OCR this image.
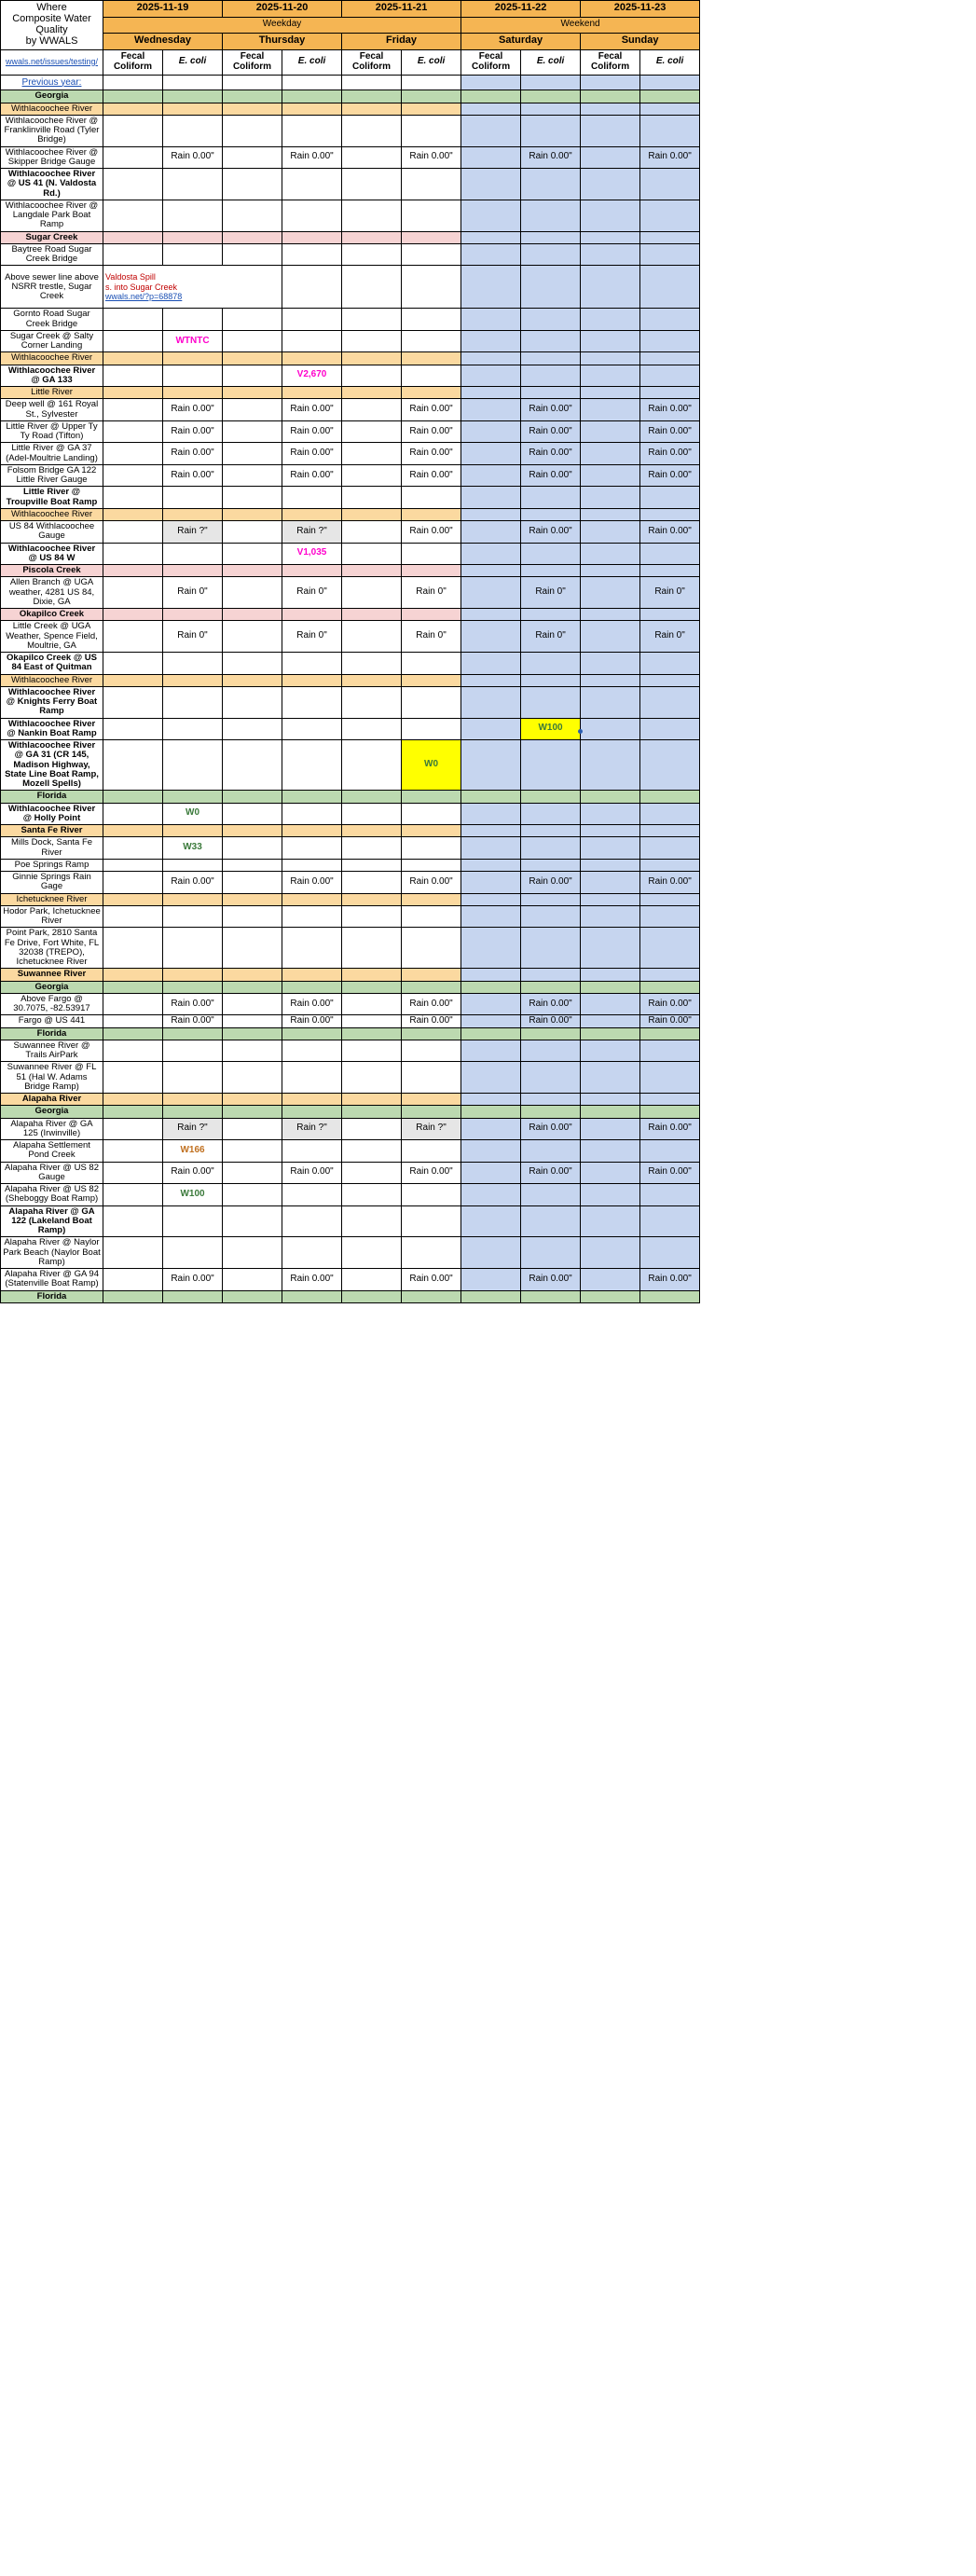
Where
Composite Water Quality
by WWALS	2025-11-19		2025-11-20		2025-11-21		2025-11-22		2025-11-23	
	Weekday						Weekend			
	Wednesday		Thursday		Friday		Saturday		Sunday	
wwals.net/issues/testing/	Fecal Coliform	E. coli	Fecal Coliform	E. coli	Fecal Coliform	E. coli	Fecal Coliform	E. coli	Fecal Coliform	E. coli
Previous year:										
Georgia										
Withlacoochee River										
Withlacoochee River @ Franklinville Road (Tyler Bridge)										
Withlacoochee River @ Skipper Bridge Gauge		Rain 0.00"		Rain 0.00"		Rain 0.00"		Rain 0.00"		Rain 0.00"
Withlacoochee River @ US 41 (N. Valdosta Rd.)										
Withlacoochee River @ Langdale Park Boat Ramp										
Sugar Creek										
Baytree Road Sugar Creek Bridge										
Above sewer line above NSRR trestle, Sugar Creek	Valdosta Spill
s. into Sugar Creek
wwals.net/?p=68878									

Gornto Road Sugar Creek Bridge										
Sugar Creek @ Salty Corner Landing		WTNTC								
Withlacoochee River										
Withlacoochee River @ GA 133				V2,670						
Little River										
Deep well @ 161 Royal St., Sylvester		Rain 0.00"		Rain 0.00"		Rain 0.00"		Rain 0.00"		Rain 0.00"
Little River @ Upper Ty Ty Road (Tifton)		Rain 0.00"		Rain 0.00"		Rain 0.00"		Rain 0.00"		Rain 0.00"
Little River @ GA 37 (Adel-Moultrie Landing)		Rain 0.00"		Rain 0.00"		Rain 0.00"		Rain 0.00"		Rain 0.00"
Folsom Bridge GA 122 Little River Gauge		Rain 0.00"		Rain 0.00"		Rain 0.00"		Rain 0.00"		Rain 0.00"
Little River @ Troupville Boat Ramp										
Withlacoochee River										
US 84 Withlacoochee Gauge		Rain ?"		Rain ?"		Rain 0.00"		Rain 0.00"		Rain 0.00"
Withlacoochee River @ US 84 W				V1,035						
Piscola Creek										
Allen Branch @ UGA weather, 4281 US 84, Dixie, GA		Rain 0"		Rain 0"		Rain 0"		Rain 0"		Rain 0"
Okapilco Creek										
Little Creek @ UGA Weather, Spence Field, Moultrie, GA		Rain 0"		Rain 0"		Rain 0"		Rain 0"		Rain 0"
Okapilco Creek @ US 84 East of Quitman										
Withlacoochee River										
Withlacoochee River @ Knights Ferry Boat Ramp										
Withlacoochee River @ Nankin Boat Ramp								W100		
Withlacoochee River @ GA 31 (CR 145, Madison Highway, State Line Boat Ramp, Mozell Spells)						W0				
Florida										
Withlacoochee River @ Holly Point		W0								
Santa Fe River										
Mills Dock, Santa Fe River		W33								
Poe Springs Ramp										
Ginnie Springs Rain Gage		Rain 0.00"		Rain 0.00"		Rain 0.00"		Rain 0.00"		Rain 0.00"
Ichetucknee River										
Hodor Park, Ichetucknee River										
Point Park, 2810 Santa Fe Drive, Fort White, FL 32038 (TREPO), Ichetucknee River										
Suwannee River										
Georgia										
Above Fargo @ 30.7075, -82.53917		Rain 0.00"		Rain 0.00"		Rain 0.00"		Rain 0.00"		Rain 0.00"
Fargo @ US 441		Rain 0.00"		Rain 0.00"		Rain 0.00"		Rain 0.00"		Rain 0.00"
Florida										
Suwannee River @ Trails AirPark										
Suwannee River @ FL 51 (Hal W. Adams Bridge Ramp)										
Alapaha River										
Georgia										
Alapaha River @ GA 125 (Irwinville)		Rain ?"		Rain ?"		Rain ?"		Rain 0.00"		Rain 0.00"
Alapaha Settlement Pond Creek		W166								
Alapaha River @ US 82 Gauge		Rain 0.00"		Rain 0.00"		Rain 0.00"		Rain 0.00"		Rain 0.00"
Alapaha River @ US 82 (Sheboggy Boat Ramp)		W100								
Alapaha River @ GA 122 (Lakeland Boat Ramp)										
Alapaha River @ Naylor Park Beach (Naylor Boat Ramp)										
Alapaha River @ GA 94 (Statenville Boat Ramp)		Rain 0.00"		Rain 0.00"		Rain 0.00"		Rain 0.00"		Rain 0.00"
Florida										
